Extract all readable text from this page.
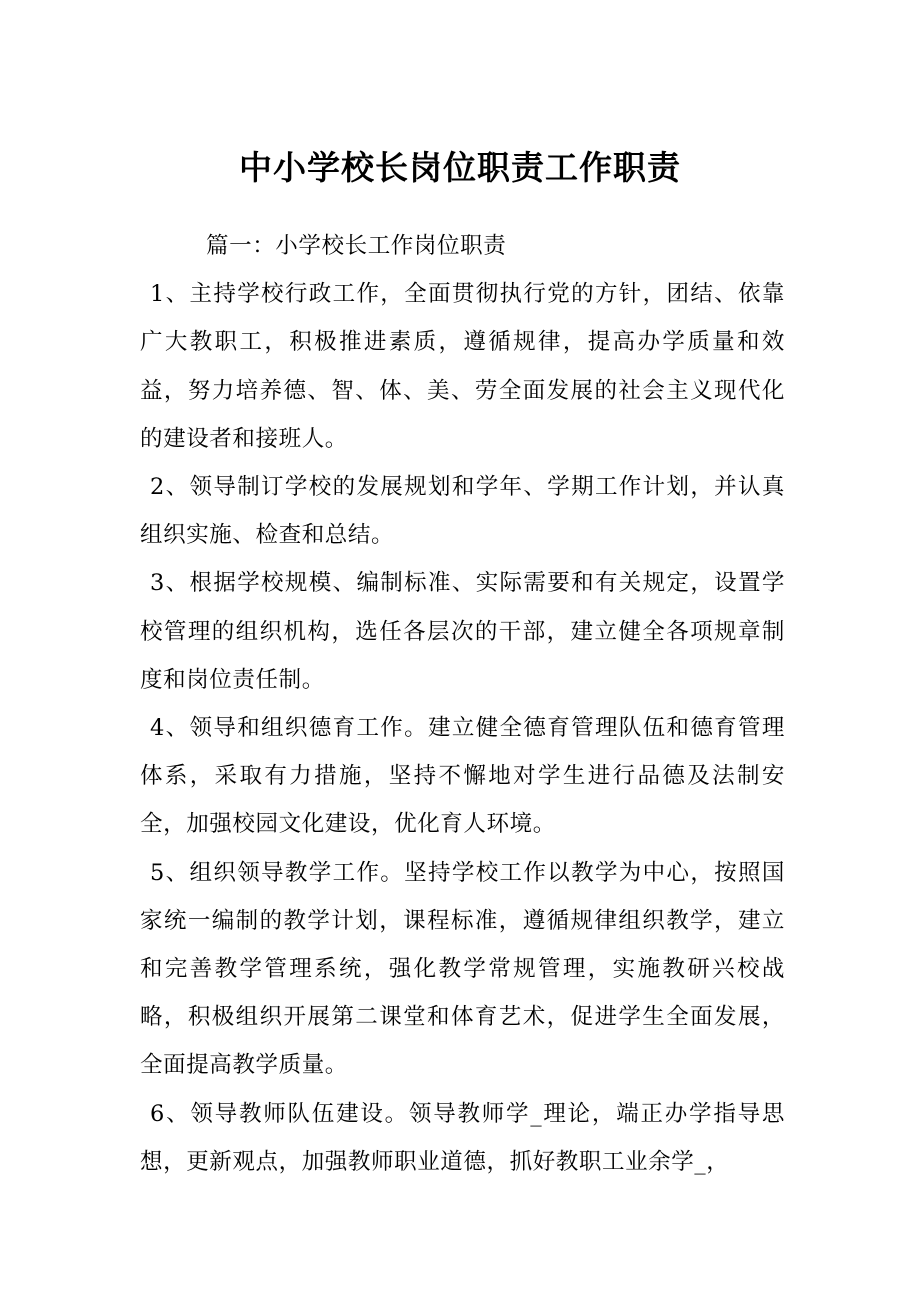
中小学校长岗位职责工作职责

篇一：小学校长工作岗位职责

1、主持学校行政工作，全面贯彻执行党的方针，团结、依靠广大教职工，积极推进素质，遵循规律，提高办学质量和效益，努力培养德、智、体、美、劳全面发展的社会主义现代化的建设者和接班人。

2、领导制订学校的发展规划和学年、学期工作计划，并认真组织实施、检查和总结。

3、根据学校规模、编制标准、实际需要和有关规定，设置学校管理的组织机构，选任各层次的干部，建立健全各项规章制度和岗位责任制。

4、领导和组织德育工作。建立健全德育管理队伍和德育管理体系，采取有力措施，坚持不懈地对学生进行品德及法制安全，加强校园文化建设，优化育人环境。

5、组织领导教学工作。坚持学校工作以教学为中心，按照国家统一编制的教学计划，课程标准，遵循规律组织教学，建立和完善教学管理系统，强化教学常规管理，实施教研兴校战略，积极组织开展第二课堂和体育艺术，促进学生全面发展，全面提高教学质量。

6、领导教师队伍建设。领导教师学_理论，端正办学指导思想，更新观点，加强教师职业道德，抓好教职工业余学_，
